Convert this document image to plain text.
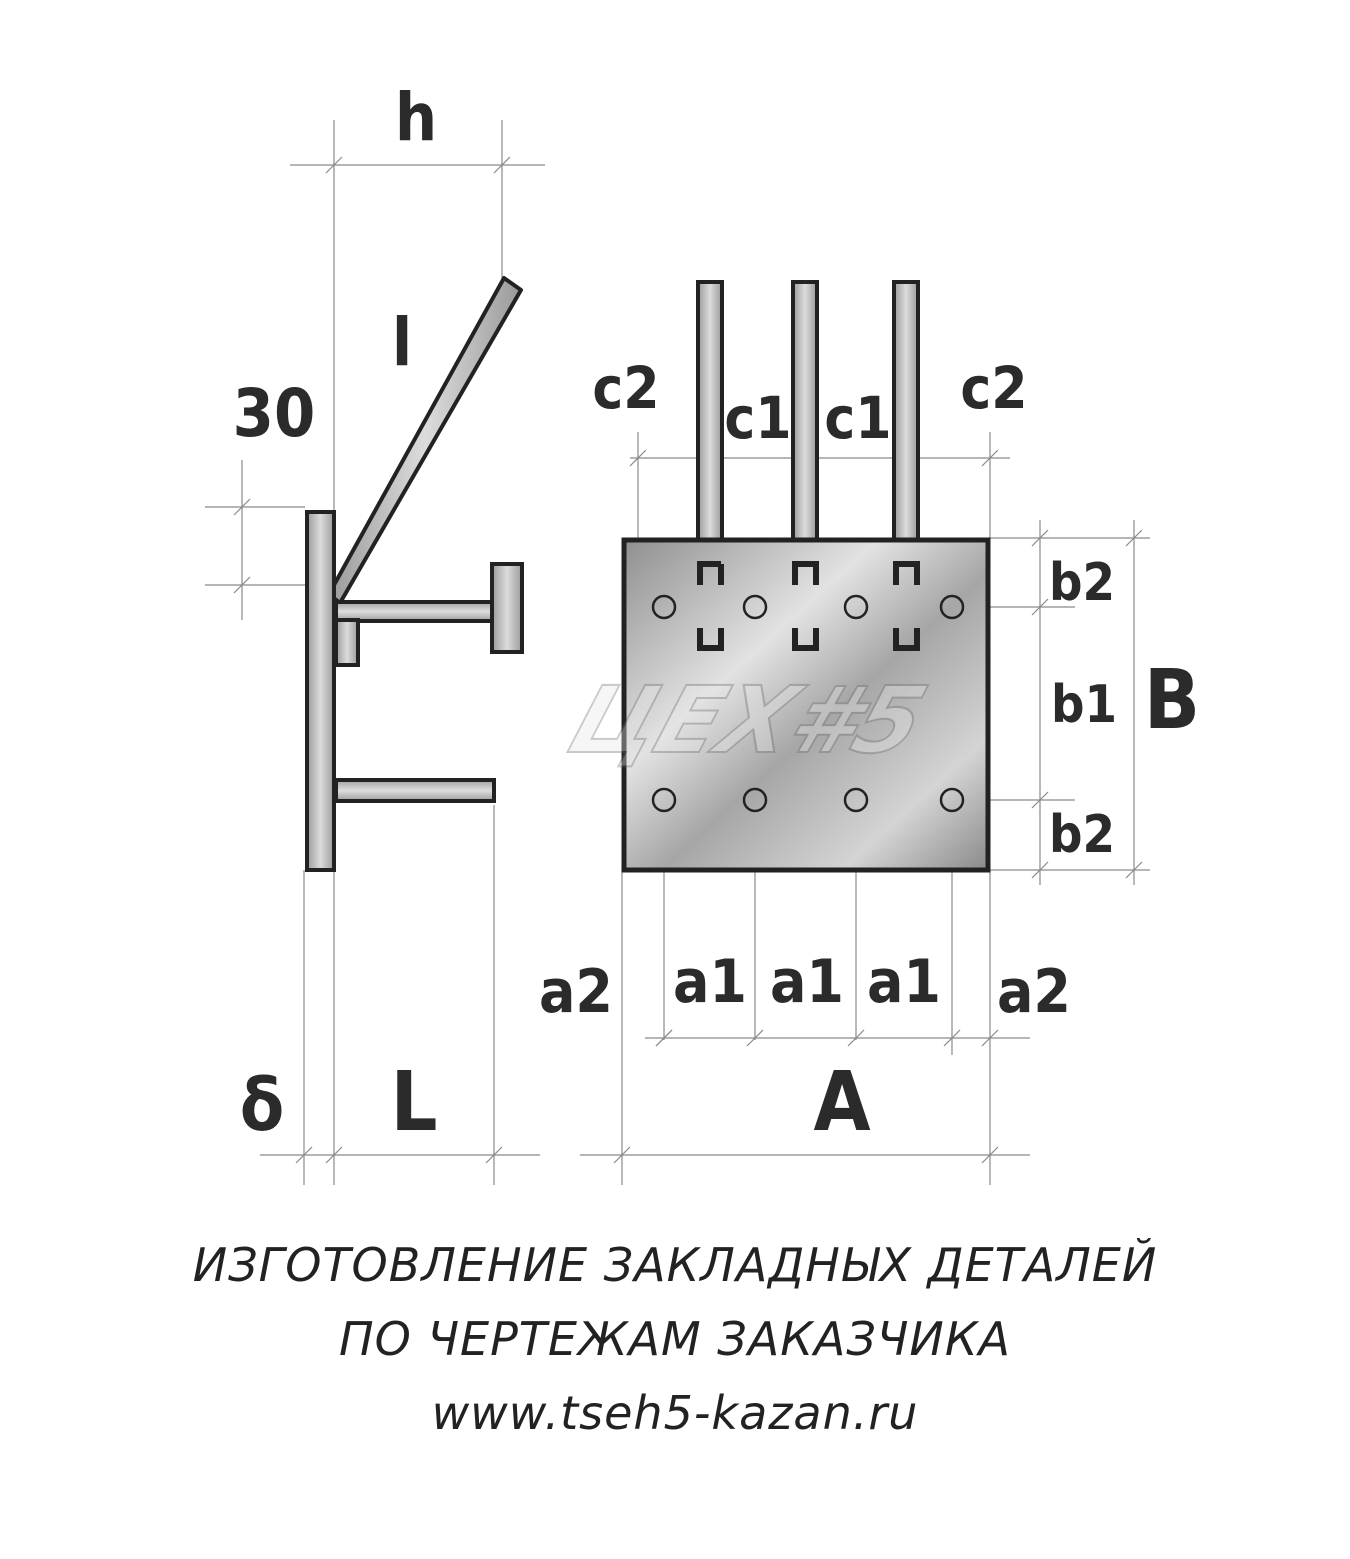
h
l
30
δ L
ЦЕХ#5
c2 c1 c1 c2
b2
b1 B
b2
a2 a1 a1 a1 a2
A
ИЗГОТОВЛЕНИЕ ЗАКЛАДНЫХ ДЕТАЛЕЙ
ПО ЧЕРТЕЖАМ ЗАКАЗЧИКА
www.tseh5-kazan.ru
